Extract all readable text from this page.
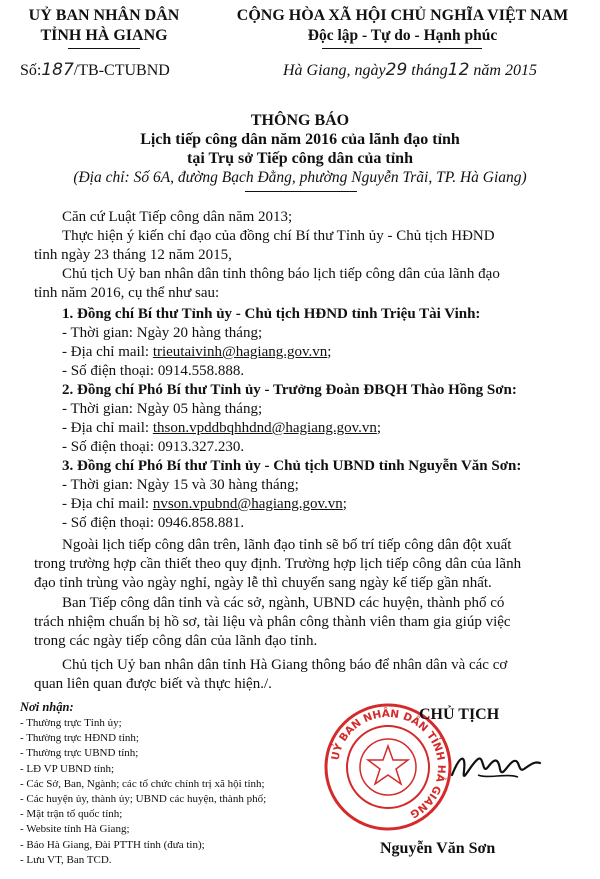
UỶ BAN NHÂN DÂN
TỈNH HÀ GIANG
CỘNG HÒA XÃ HỘI CHỦ NGHĨA VIỆT NAM
Độc lập - Tự do - Hạnh phúc
Số:187/TB-CTUBND	Hà Giang, ngày29 tháng12 năm 2015
THÔNG BÁO
Lịch tiếp công dân năm 2016 của lãnh đạo tỉnh
tại Trụ sở Tiếp công dân của tỉnh
(Địa chỉ: Số 6A, đường Bạch Đằng, phường Nguyễn Trãi, TP. Hà Giang)
Căn cứ Luật Tiếp công dân năm 2013;
Thực hiện ý kiến chỉ đạo của đồng chí Bí thư Tỉnh ủy - Chủ tịch HĐND
tỉnh ngày 23 tháng 12 năm 2015,
Chủ tịch Uỷ ban nhân dân tỉnh thông báo lịch tiếp công dân của lãnh đạo
tỉnh năm 2016, cụ thể như sau:
1. Đồng chí Bí thư Tỉnh ủy - Chủ tịch HĐND tỉnh Triệu Tài Vinh:
- Thời gian: Ngày 20 hàng tháng;
- Địa chỉ mail: trieutaivinh@hagiang.gov.vn;
- Số điện thoại: 0914.558.888.
2. Đồng chí Phó Bí thư Tỉnh ủy - Trưởng Đoàn ĐBQH Thào Hồng Sơn:
- Thời gian: Ngày 05 hàng tháng;
- Địa chỉ mail: thson.vpddbqhhdnd@hagiang.gov.vn;
- Số điện thoại: 0913.327.230.
3. Đồng chí Phó Bí thư Tỉnh ủy - Chủ tịch UBND tỉnh Nguyễn Văn Sơn:
- Thời gian: Ngày 15 và 30 hàng tháng;
- Địa chỉ mail: nvson.vpubnd@hagiang.gov.vn;
- Số điện thoại: 0946.858.881.
Ngoài lịch tiếp công dân trên, lãnh đạo tỉnh sẽ bố trí tiếp công dân đột xuất
trong trường hợp cần thiết theo quy định. Trường hợp lịch tiếp công dân của lãnh
đạo tỉnh trùng vào ngày nghỉ, ngày lễ thì chuyển sang ngày kế tiếp gần nhất.
Ban Tiếp công dân tỉnh và các sở, ngành, UBND các huyện, thành phố có
trách nhiệm chuẩn bị hồ sơ, tài liệu và phân công thành viên tham gia giúp việc
trong các ngày tiếp công dân của lãnh đạo tỉnh.
Chủ tịch Uỷ ban nhân dân tỉnh Hà Giang thông báo để nhân dân và các cơ
quan liên quan được biết và thực hiện./.
Nơi nhận:
- Thường trực Tỉnh ủy;
- Thường trực HĐND tỉnh;
- Thường trực UBND tỉnh;
- LĐ VP UBND tỉnh;
- Các Sở, Ban, Ngành; các tổ chức chính trị xã hội tỉnh;
- Các huyện ủy, thành ủy; UBND các huyện, thành phố;
- Mặt trận tổ quốc tỉnh;
- Website tỉnh Hà Giang;
- Báo Hà Giang, Đài PTTH tỉnh (đưa tin);
- Lưu VT, Ban TCD.
UỶ BAN NHÂN DÂN TỈNH HÀ GIANG
CHỦ TỊCH
Nguyễn Văn Sơn
